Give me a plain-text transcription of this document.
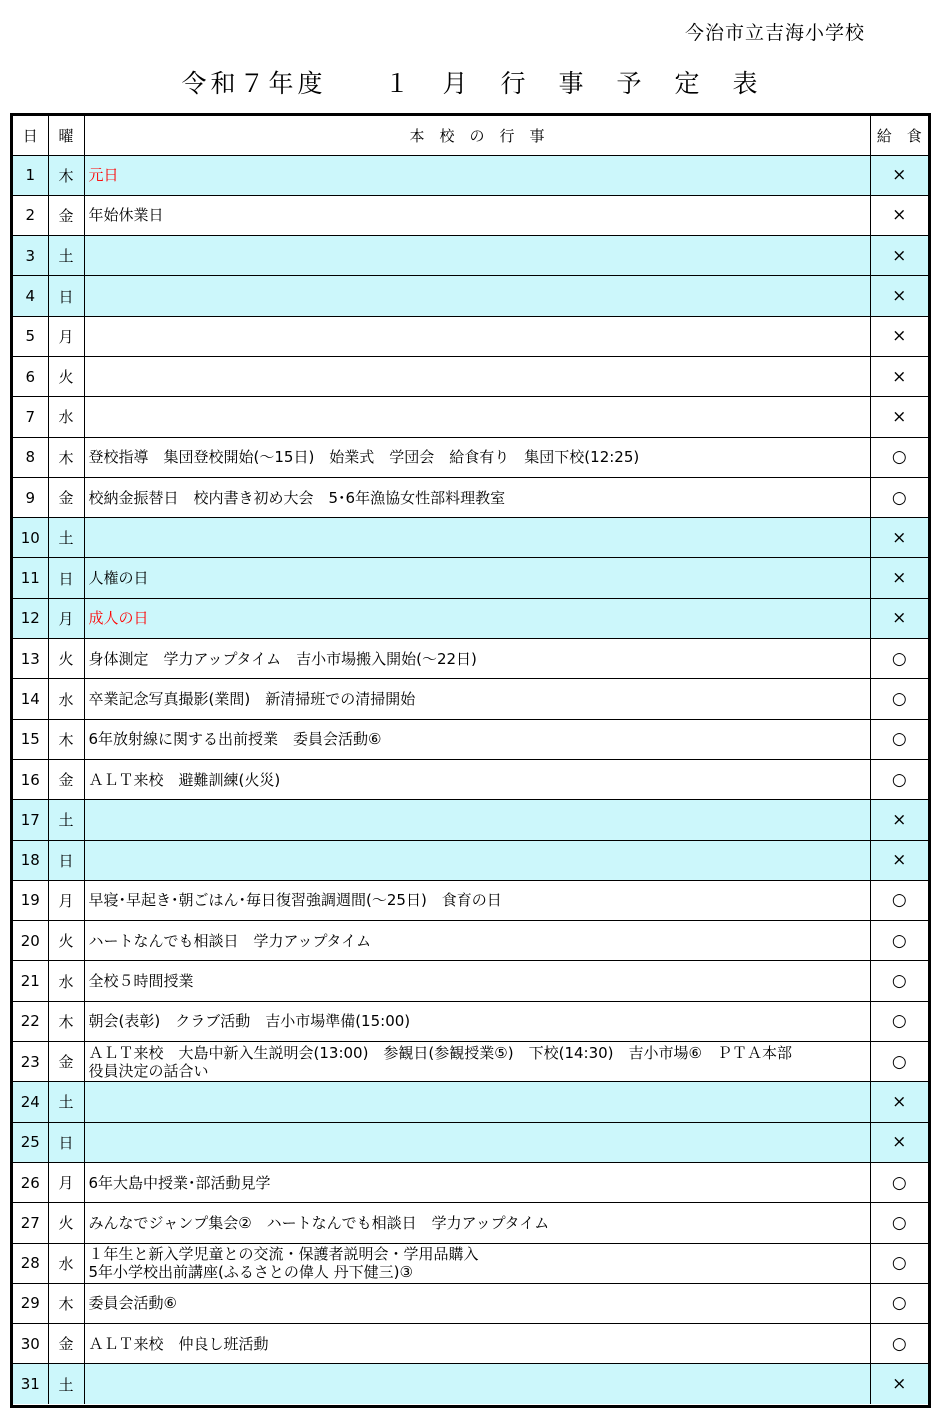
今治市立吉海小学校
令和７年度　　１　月　行　事　予　定　表
日	曜	本　校　の　行　事	給　食
1	木	元日	×
2	金	年始休業日	×
3	土		×
4	日		×
5	月		×
6	火		×
7	水		×
8	木	登校指導　集団登校開始(～15日)　始業式　学団会　給食有り　集団下校(12:25)	○
9	金	校納金振替日　校内書き初め大会　5･6年漁協女性部料理教室	○
10	土		×
11	日	人権の日	×
12	月	成人の日	×
13	火	身体測定　学力アップタイム　吉小市場搬入開始(～22日)	○
14	水	卒業記念写真撮影(業間)　新清掃班での清掃開始	○
15	木	6年放射線に関する出前授業　委員会活動⑥	○
16	金	ＡＬＴ来校　避難訓練(火災)	○
17	土		×
18	日		×
19	月	早寝･早起き･朝ごはん･毎日復習強調週間(～25日)　食育の日	○
20	火	ハートなんでも相談日　学力アップタイム	○
21	水	全校５時間授業	○
22	木	朝会(表彰)　クラブ活動　吉小市場準備(15:00)	○
23	金	ＡＬＴ来校　大島中新入生説明会(13:00)　参観日(参観授業⑤)　下校(14:30)　吉小市場⑥　ＰＴＡ本部
役員決定の話合い	○
24	土		×
25	日		×
26	月	6年大島中授業･部活動見学	○
27	火	みんなでジャンプ集会②　ハートなんでも相談日　学力アップタイム	○
28	水	１年生と新入学児童との交流・保護者説明会・学用品購入
5年小学校出前講座(ふるさとの偉人 丹下健三)③	○
29	木	委員会活動⑥	○
30	金	ＡＬＴ来校　仲良し班活動	○
31	土		×
